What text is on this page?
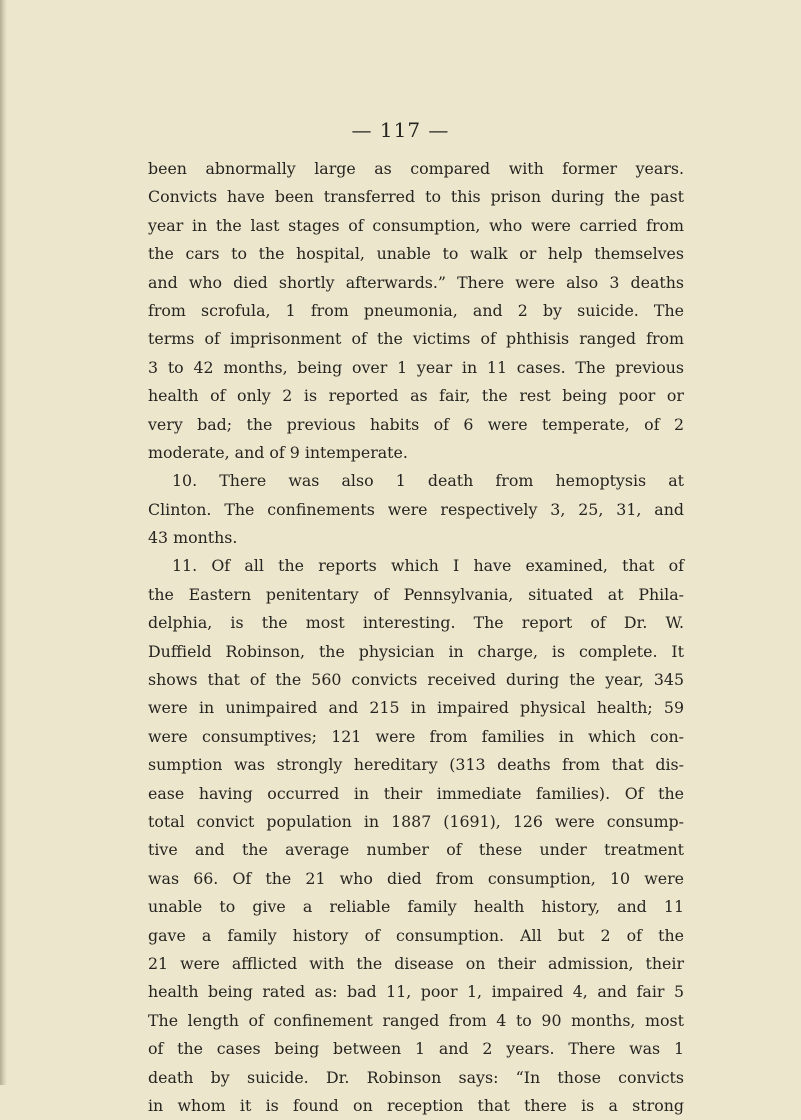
— 117 —
been abnormally large as compared with former years.
Convicts have been transferred to this prison during the past
year in the last stages of consumption, who were carried from
the cars to the hospital, unable to walk or help themselves
and who died shortly afterwards.” There were also 3 deaths
from scrofula, 1 from pneumonia, and 2 by suicide. The
terms of imprisonment of the victims of phthisis ranged from
3 to 42 months, being over 1 year in 11 cases. The previous
health of only 2 is reported as fair, the rest being poor or
very bad; the previous habits of 6 were temperate, of 2
moderate, and of 9 intemperate.
10. There was also 1 death from hemoptysis at
Clinton. The confinements were respectively 3, 25, 31, and
43 months.
11. Of all the reports which I have examined, that of
the Eastern penitentary of Pennsylvania, situated at Phila-
delphia, is the most interesting. The report of Dr. W.
Duffield Robinson, the physician in charge, is complete. It
shows that of the 560 convicts received during the year, 345
were in unimpaired and 215 in impaired physical health; 59
were consumptives; 121 were from families in which con-
sumption was strongly hereditary (313 deaths from that dis-
ease having occurred in their immediate families). Of the
total convict population in 1887 (1691), 126 were consump-
tive and the average number of these under treatment
was 66. Of the 21 who died from consumption, 10 were
unable to give a reliable family health history, and 11
gave a family history of consumption. All but 2 of the
21 were afflicted with the disease on their admission, their
health being rated as: bad 11, poor 1, impaired 4, and fair 5
The length of confinement ranged from 4 to 90 months, most
of the cases being between 1 and 2 years. There was 1
death by suicide. Dr. Robinson says: “In those convicts
in whom it is found on reception that there is a strong
